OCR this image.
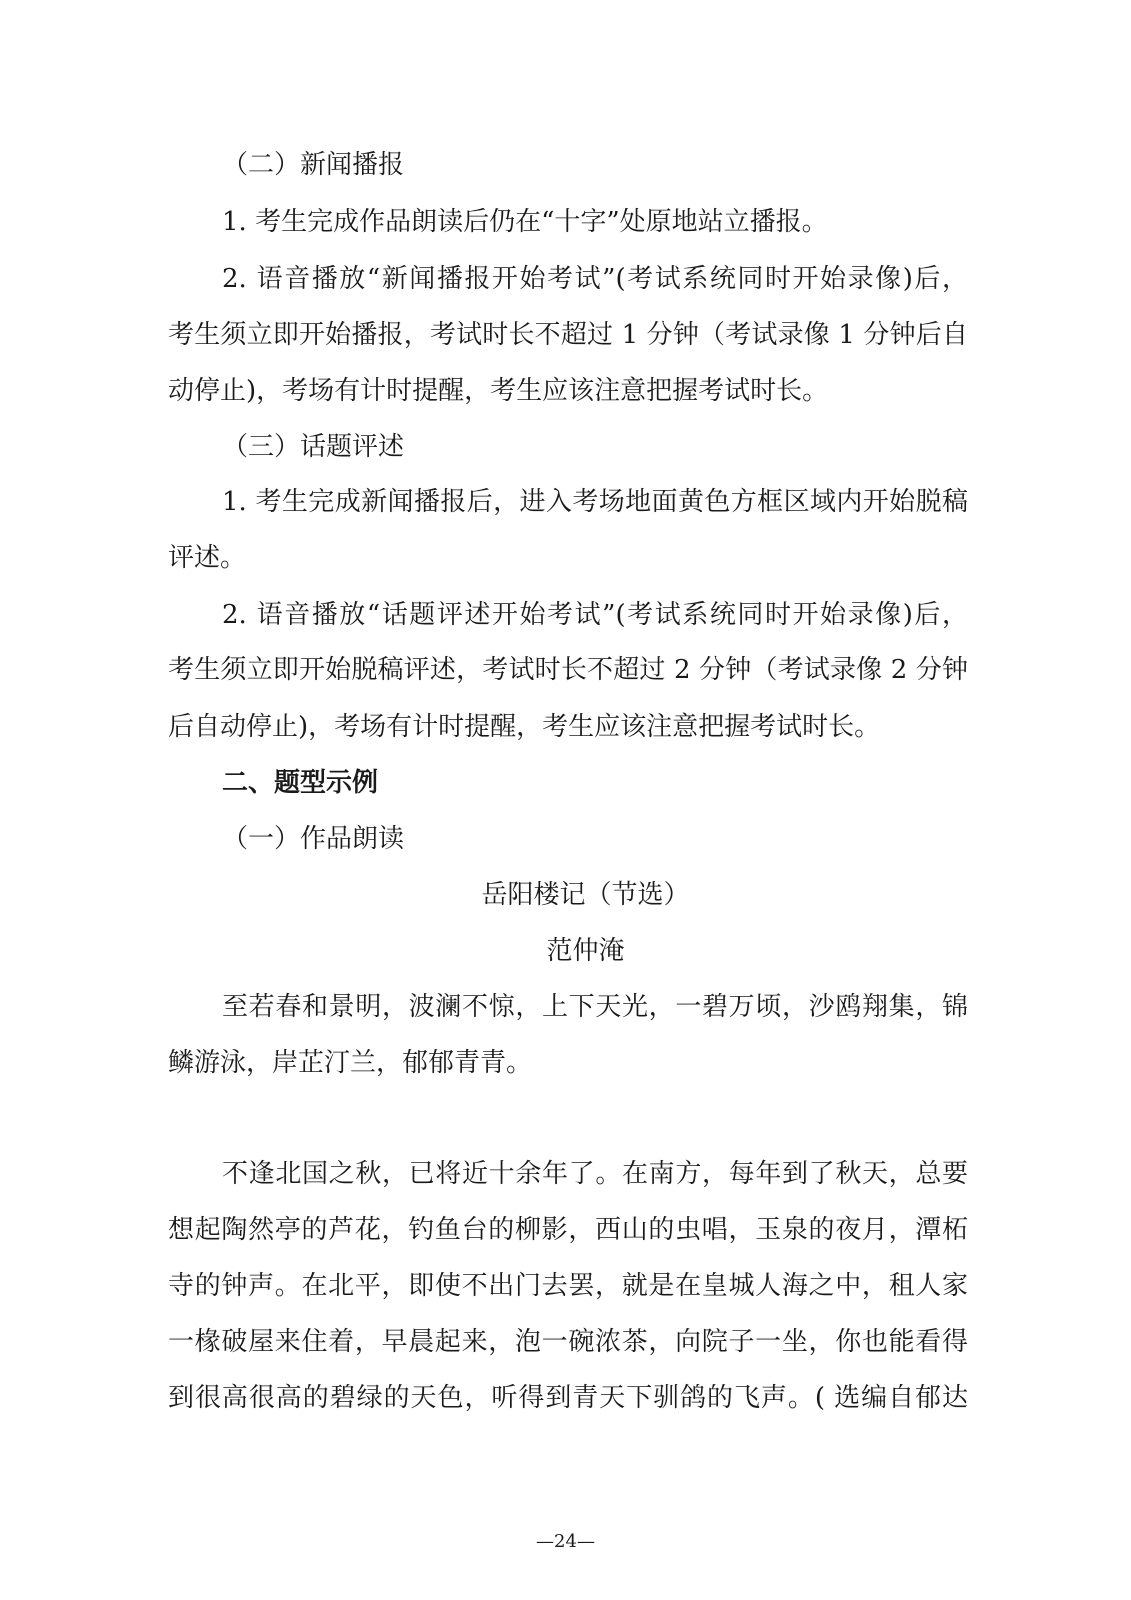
（二）新闻播报
1. 考生完成作品朗读后仍在“十字”处原地站立播报。
2. 语音播放“新闻播报开始考试”(考试系统同时开始录像)后，
考生须立即开始播报，考试时长不超过 1 分钟（考试录像 1 分钟后自
动停止)，考场有计时提醒，考生应该注意把握考试时长。
（三）话题评述
1. 考生完成新闻播报后，进入考场地面黄色方框区域内开始脱稿
评述。
2. 语音播放“话题评述开始考试”(考试系统同时开始录像)后，
考生须立即开始脱稿评述，考试时长不超过 2 分钟（考试录像 2 分钟
后自动停止)，考场有计时提醒，考生应该注意把握考试时长。
二、题型示例
（一）作品朗读
岳阳楼记（节选）
范仲淹
至若春和景明，波澜不惊，上下天光，一碧万顷，沙鸥翔集，锦
鳞游泳，岸芷汀兰，郁郁青青。
不逢北国之秋，已将近十余年了。在南方，每年到了秋天，总要
想起陶然亭的芦花，钓鱼台的柳影，西山的虫唱，玉泉的夜月，潭柘
寺的钟声。在北平，即使不出门去罢，就是在皇城人海之中，租人家
一椽破屋来住着，早晨起来，泡一碗浓茶，向院子一坐，你也能看得
到很高很高的碧绿的天色，听得到青天下驯鸽的飞声。( 选编自郁达
—24—
